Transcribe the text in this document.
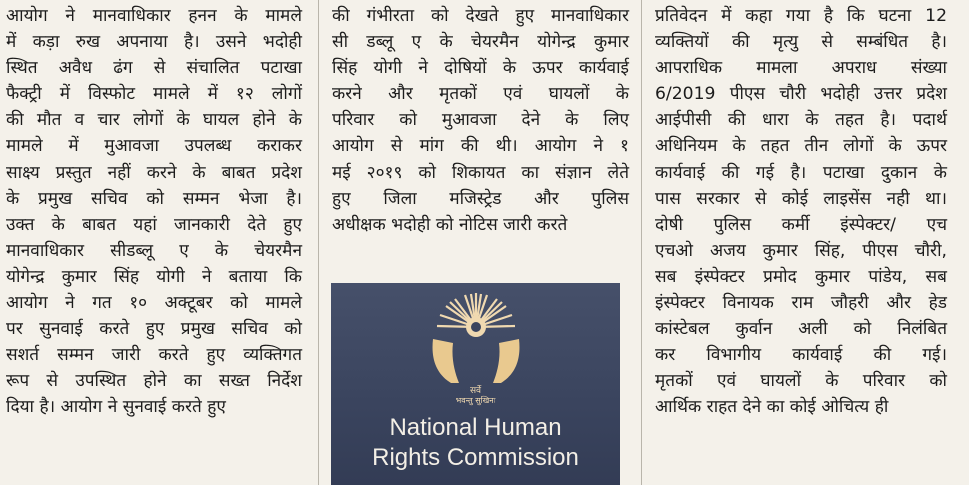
आयोग ने मानवाधिकार हनन के मामले
में कड़ा रुख अपनाया है। उसने भदोही
स्थित अवैध ढंग से संचालित पटाखा
फैक्ट्री में विस्फोट मामले में १२ लोगों
की मौत व चार लोगों के घायल होने के
मामले में मुआवजा उपलब्ध कराकर
साक्ष्य प्रस्तुत नहीं करने के बाबत प्रदेश
के प्रमुख सचिव को सम्मन भेजा है।
उक्त के बाबत यहां जानकारी देते हुए
मानवाधिकार सीडब्लू ए के चेयरमैन
योगेन्द्र कुमार सिंह योगी ने बताया कि
आयोग ने गत १० अक्टूबर को मामले
पर सुनवाई करते हुए प्रमुख सचिव को
सशर्त सम्मन जारी करते हुए व्यक्तिगत
रूप से उपस्थित होने का सख्त निर्देश
दिया है। आयोग ने सुनवाई करते हुए
की गंभीरता को देखते हुए मानवाधिकार
सी डब्लू ए के चेयरमैन योगेन्द्र कुमार
सिंह योगी ने दोषियों के ऊपर कार्यवाई
करने और मृतकों एवं घायलों के
परिवार को मुआवजा देने के लिए
आयोग से मांग की थी। आयोग ने १
मई २०१९ को शिकायत का संज्ञान लेते
हुए जिला मजिस्ट्रेड और पुलिस
अधीक्षक भदोही को नोटिस जारी करते
सर्वे
भवन्तु सुखिनः
National Human
Rights Commission
प्रतिवेदन में कहा गया है कि घटना 12
व्यक्तियों की मृत्यु से सम्बंधित है।
आपराधिक मामला अपराध संख्या
6/2019 पीएस चौरी भदोही उत्तर प्रदेश
आईपीसी की धारा के तहत है। पदार्थ
अधिनियम के तहत तीन लोगों के ऊपर
कार्यवाई की गई है। पटाखा दुकान के
पास सरकार से कोई लाइसेंस नही था।
दोषी पुलिस कर्मी इंस्पेक्टर/ एच
एचओ अजय कुमार सिंह, पीएस चौरी,
सब इंस्पेक्टर प्रमोद कुमार पांडेय, सब
इंस्पेक्टर विनायक राम जौहरी और हेड
कांस्टेबल कुर्वान अली को निलंबित
कर विभागीय कार्यवाई की गई।
मृतकों एवं घायलों के परिवार को
आर्थिक राहत देने का कोई ओचित्य ही
